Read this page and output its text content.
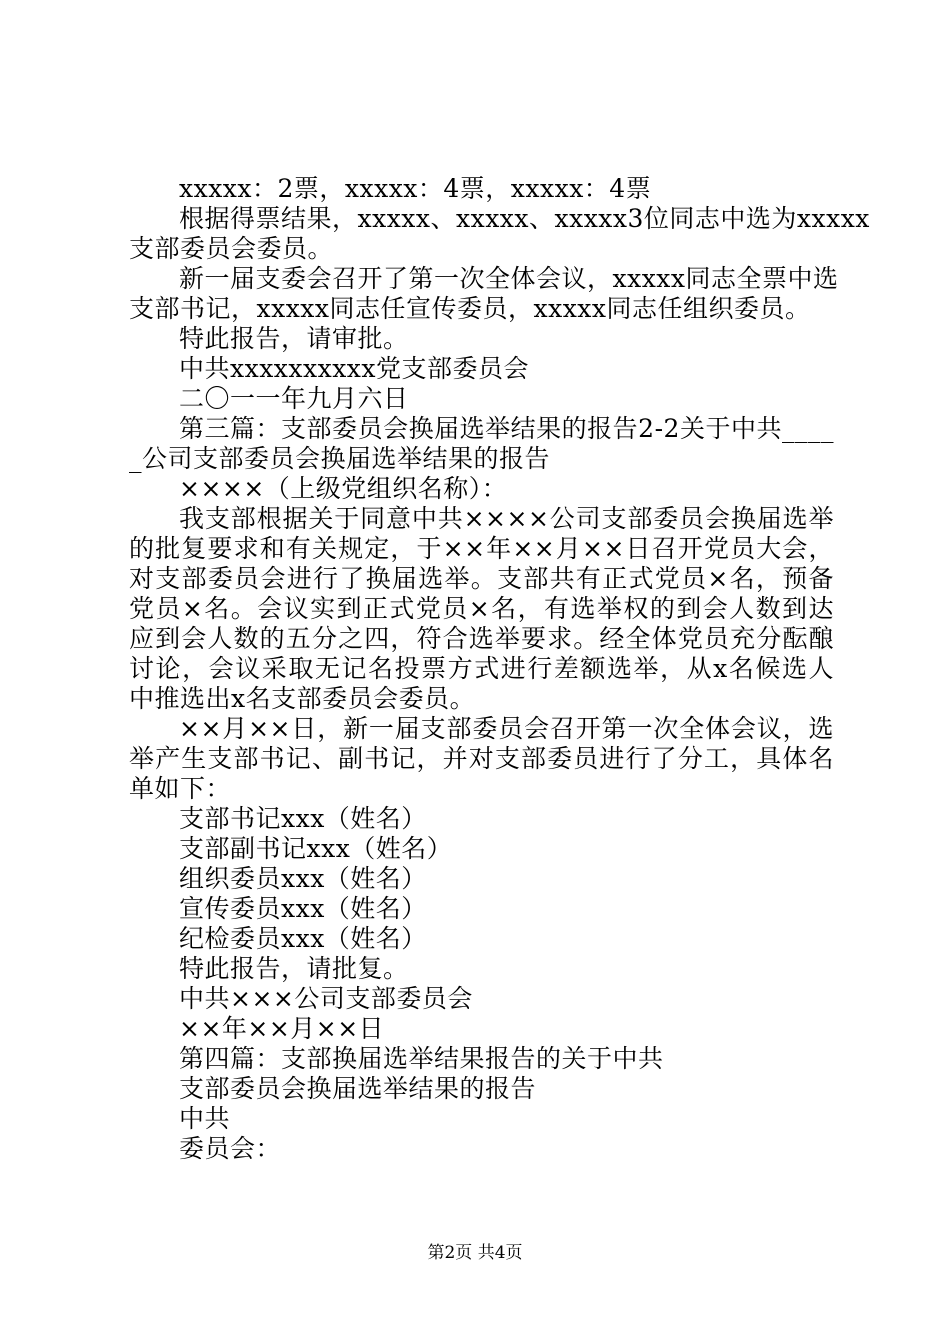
xxxxx：2票，xxxxx：4票，xxxxx：4票
根据得票结果，xxxxx、xxxxx、xxxxx3位同志中选为xxxxx
支部委员会委员。
新一届支委会召开了第一次全体会议，xxxxx同志全票中选
支部书记，xxxxx同志任宣传委员，xxxxx同志任组织委员。
特此报告，请审批。
中共xxxxxxxxxx党支部委员会
二〇一一年九月六日
第三篇：支部委员会换届选举结果的报告2-2关于中共____
_公司支部委员会换届选举结果的报告
××××（上级党组织名称）：
我支部根据关于同意中共××××公司支部委员会换届选举
的批复要求和有关规定，于××年××月××日召开党员大会，
对支部委员会进行了换届选举。支部共有正式党员×名，预备
党员×名。会议实到正式党员×名，有选举权的到会人数到达
应到会人数的五分之四，符合选举要求。经全体党员充分酝酿
讨论，会议采取无记名投票方式进行差额选举，从x名候选人
中推选出x名支部委员会委员。
××月××日，新一届支部委员会召开第一次全体会议，选
举产生支部书记、副书记，并对支部委员进行了分工，具体名
单如下：
支部书记xxx（姓名）
支部副书记xxx（姓名）
组织委员xxx（姓名）
宣传委员xxx（姓名）
纪检委员xxx（姓名）
特此报告，请批复。
中共×××公司支部委员会
××年××月××日
第四篇：支部换届选举结果报告的关于中共
支部委员会换届选举结果的报告
中共
委员会：
第2页 共4页
